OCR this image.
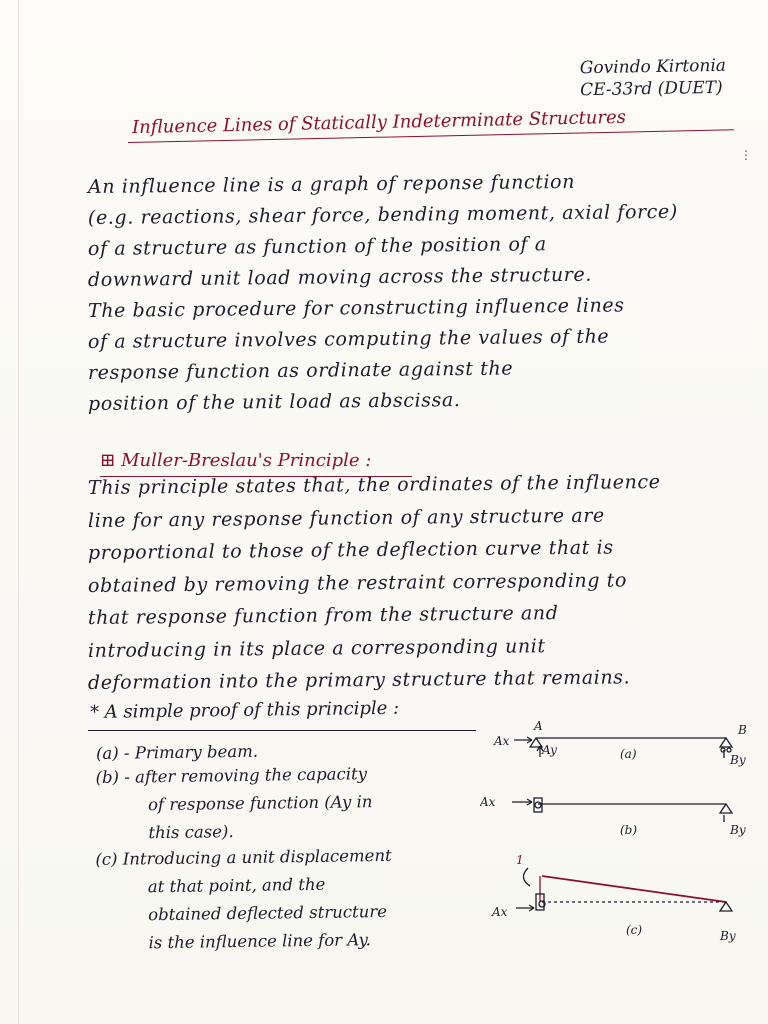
Govindo Kirtonia
CE-33rd (DUET)
Influence Lines of Statically Indeterminate Structures
⋮
An influence line is a graph of reponse function
(e.g. reactions, shear force, bending moment, axial force)
of a structure as function of the position of a
downward unit load moving across the structure.
The basic procedure for constructing influence lines
of a structure involves computing the values of the
response function as ordinate against the
position of the unit load as abscissa.
⊞ Muller-Breslau's Principle :
This principle states that, the ordinates of the influence
line for any response function of any structure are
proportional to those of the deflection curve that is
obtained by removing the restraint corresponding to
that response function from the structure and
introducing in its place a corresponding unit
deformation into the primary structure that remains.
* A simple proof of this principle :
(a) - Primary beam.
(b) - after removing the capacity
of response function (Ay in
this case).
(c) Introducing a unit displacement
at that point, and the
obtained deflected structure
is the influence line for Ay.
Ax
A
Ay
B
By
(a)
Ax
By
(b)
1
Ax
By
(c)
